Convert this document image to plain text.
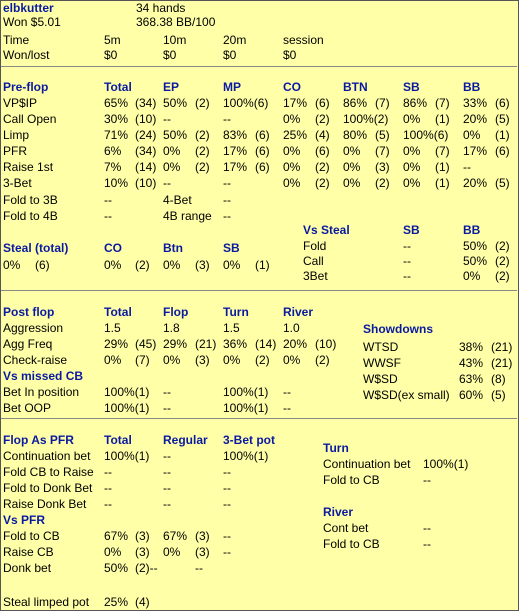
elbkutter	34 hands
Won $5.01	368.38 BB/100
Time	5m	10m	20m	session
Won/lost	$0	$0	$0	$0
Pre-flop	Total	EP	MP	CO	BTN	SB	BB
VP$IP	65% (34) 50% (2) 100%(6) 17% (6) 86% (7) 86% (7) 33% (6)
Call Open	30% (10) --	--	0% (2) 100%(2) 0% (1) 20% (5)
Limp	71% (24) 50% (2) 83% (6) 25% (4) 80% (5) 100%(6) 0% (1)
PFR	6% (34) 0% (2) 17% (6) 0% (6) 0% (7) 0% (7) 17% (6)
Raise 1st	7% (14) 0% (2) 17% (6) 0% (2) 0% (3) 0% (1) --
3-Bet	10% (10) --	--	0% (2) 0% (2) 0% (1) 20% (5)
Fold to 3B	--	4-Bet	--
Fold to 4B	--	4B range --
Vs Steal	SB	BB
Fold	--	50% (2)
Call	--	50% (2)
3Bet	--	0% (2)
Steal (total)	CO	Btn	SB
0% (6)	0% (2) 0% (3) 0% (1)
Post flop	Total	Flop	Turn	River
Aggression	1.5	1.8	1.5	1.0
Agg Freq	29% (45) 29% (21) 36% (14) 20% (10)
Check-raise	0% (7) 0% (3) 0% (2) 0% (2)
Vs missed CB
Bet In position 100%(1) --	100%(1) --
Bet OOP	100%(1) --	100%(1) --
Showdowns
WTSD	38% (21)
WWSF	43% (21)
W$SD	63% (8)
W$SD(ex small) 60% (5)
Flop As PFR	Total	Regular 3-Bet pot
Continuation bet 100%(1) --	100%(1)
Fold CB to Raise --	--	--
Fold to Donk Bet --	--	--
Raise Donk Bet --	--	--
Vs PFR
Fold to CB	67% (3) 67% (3) --
Raise CB	0% (3) 0% (3) --
Donk bet	50% (2)--	--
Steal limped pot 25% (4)
Turn
Continuation bet 100%(1)
Fold to CB	--
River
Cont bet	--
Fold to CB	--
